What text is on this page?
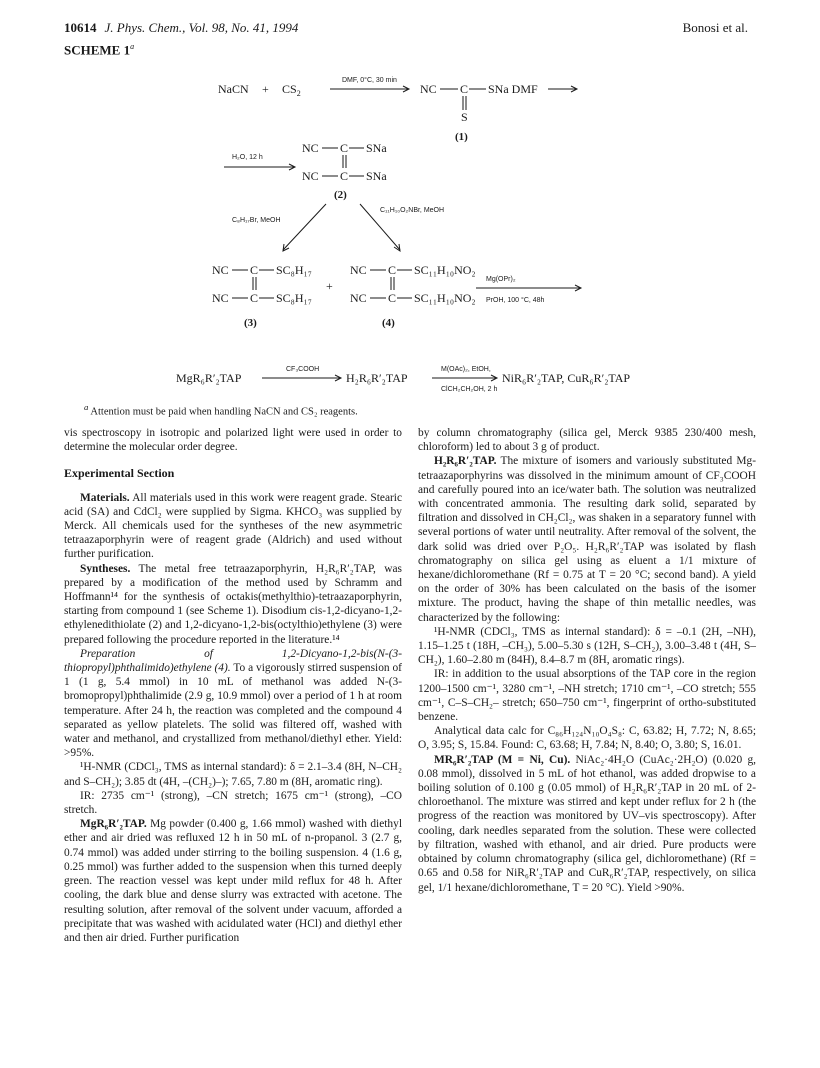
10614 J. Phys. Chem., Vol. 98, No. 41, 1994	Bonosi et al.
SCHEME 1$^a$
NaCN + $CS_2$
DMF, 0°C, 30 min
NC C SNa DMF
S
(1)
H₂O, 12 h
NC C SNa
NC C SNa
(2)
C₈H₁₇Br, MeOH
C₁₁H₁₀O₂NBr, MeOH
NC C SC₈H₁₇
NC C SC₈H₁₇
(3)
+
NC C SC₁₁H₁₀NO₂
NC C SC₁₁H₁₀NO₂
(4)
Mg(OPr)₂
PrOH, 100 °C, 48h
MgR₆R′₂TAP
CF₃COOH
H₂R₆R′₂TAP
M(OAc)₂, EtOH,
ClCH₂CH₂OH, 2 h
NiR₆R′₂TAP, CuR₆R′₂TAP
$^a$ Attention must be paid when handling NaCN and CS₂ reagents.

vis spectroscopy in isotropic and polarized light were used in order to determine the molecular order degree.

Experimental Section

Materials. All materials used in this work were reagent grade. Stearic acid (SA) and CdCl₂ were supplied by Sigma. KHCO₃ was supplied by Merck. All chemicals used for the syntheses of the new asymmetric tetraazaporphyrin were of reagent grade (Aldrich) and used without further purification.

Syntheses. The metal free tetraazaporphyrin, H₂R₆R′₂TAP, was prepared by a modification of the method used by Schramm and Hoffmann¹⁴ for the synthesis of octakis(methylthio)-tetraazaporphyrin, starting from compound 1 (see Scheme 1). Disodium cis-1,2-dicyano-1,2-ethylenedithiolate (2) and 1,2-dicyano-1,2-bis(octylthio)ethylene (3) were prepared following the procedure reported in the literature.¹⁴

Preparation of 1,2-Dicyano-1,2-bis(N-(3-thiopropyl)phthalimido)ethylene (4). To a vigorously stirred suspension of 1 (1 g, 5.4 mmol) in 10 mL of methanol was added N-(3-bromopropyl)phthalimide (2.9 g, 10.9 mmol) over a period of 1 h at room temperature. After 24 h, the reaction was completed and the compound 4 separated as yellow platelets. The solid was filtered off, washed with water and methanol, and crystallized from methanol/diethyl ether. Yield: >95%.

¹H-NMR (CDCl₃, TMS as internal standard): δ = 2.1–3.4 (8H, N–CH₂ and S–CH₂); 3.85 dt (4H, –(CH₂)–); 7.65, 7.80 m (8H, aromatic ring).

IR: 2735 cm⁻¹ (strong), –CN stretch; 1675 cm⁻¹ (strong), –CO stretch.

MgR₆R′₂TAP. Mg powder (0.400 g, 1.66 mmol) washed with diethyl ether and air dried was refluxed 12 h in 50 mL of n-propanol. 3 (2.7 g, 0.74 mmol) was added under stirring to the boiling suspension. 4 (1.6 g, 0.25 mmol) was further added to the suspension when this turned deeply green. The reaction vessel was kept under mild reflux for 48 h. After cooling, the dark blue and dense slurry was extracted with acetone. The resulting solution, after removal of the solvent under vacuum, afforded a precipitate that was washed with acidulated water (HCl) and diethyl ether and then air dried. Further purification

by column chromatography (silica gel, Merck 9385 230/400 mesh, chloroform) led to about 3 g of product.

H₂R₆R′₂TAP. The mixture of isomers and variously substituted Mg-tetraazaporphyrins was dissolved in the minimum amount of CF₃COOH and carefully poured into an ice/water bath. The solution was neutralized with concentrated ammonia. The resulting dark solid, separated by filtration and dissolved in CH₂Cl₂, was shaken in a separatory funnel with several portions of water until neutrality. After removal of the solvent, the dark solid was dried over P₂O₅. H₂R₆R′₂TAP was isolated by flash chromatography on silica gel using as eluent a 1/1 mixture of hexane/dichloromethane (Rf = 0.75 at T = 20 °C; second band). A yield on the order of 30% has been calculated on the basis of the isomer mixture. The product, having the shape of thin metallic needles, was characterized by the following:

¹H-NMR (CDCl₃, TMS as internal standard): δ = –0.1 (2H, –NH), 1.15–1.25 t (18H, –CH₃), 5.00–5.30 s (12H, S–CH₂), 3.00–3.48 t (4H, S–CH₂), 1.60–2.80 m (84H), 8.4–8.7 m (8H, aromatic rings).

IR: in addition to the usual absorptions of the TAP core in the region 1200–1500 cm⁻¹, 3280 cm⁻¹, –NH stretch; 1710 cm⁻¹, –CO stretch; 555 cm⁻¹, C–S–CH₂– stretch; 650–750 cm⁻¹, fingerprint of ortho-substituted benzene.

Analytical data calc for C₈₆H₁₂₄N₁₀O₄S₈: C, 63.82; H, 7.72; N, 8.65; O, 3.95; S, 15.84. Found: C, 63.68; H, 7.84; N, 8.40; O, 3.80; S, 16.01.

MR₆R′₂TAP (M = Ni, Cu). NiAc₂·4H₂O (CuAc₂·2H₂O) (0.020 g, 0.08 mmol), dissolved in 5 mL of hot ethanol, was added dropwise to a boiling solution of 0.100 g (0.05 mmol) of H₂R₆R′₂TAP in 20 mL of 2-chloroethanol. The mixture was stirred and kept under reflux for 2 h (the progress of the reaction was monitored by UV–vis spectroscopy). After cooling, dark needles separated from the solution. These were collected by filtration, washed with ethanol, and air dried. Pure products were obtained by column chromatography (silica gel, dichloromethane) (Rf = 0.65 and 0.58 for NiR₆R′₂TAP and CuR₆R′₂TAP, respectively, on silica gel, 1/1 hexane/dichloromethane, T = 20 °C). Yield >90%.
